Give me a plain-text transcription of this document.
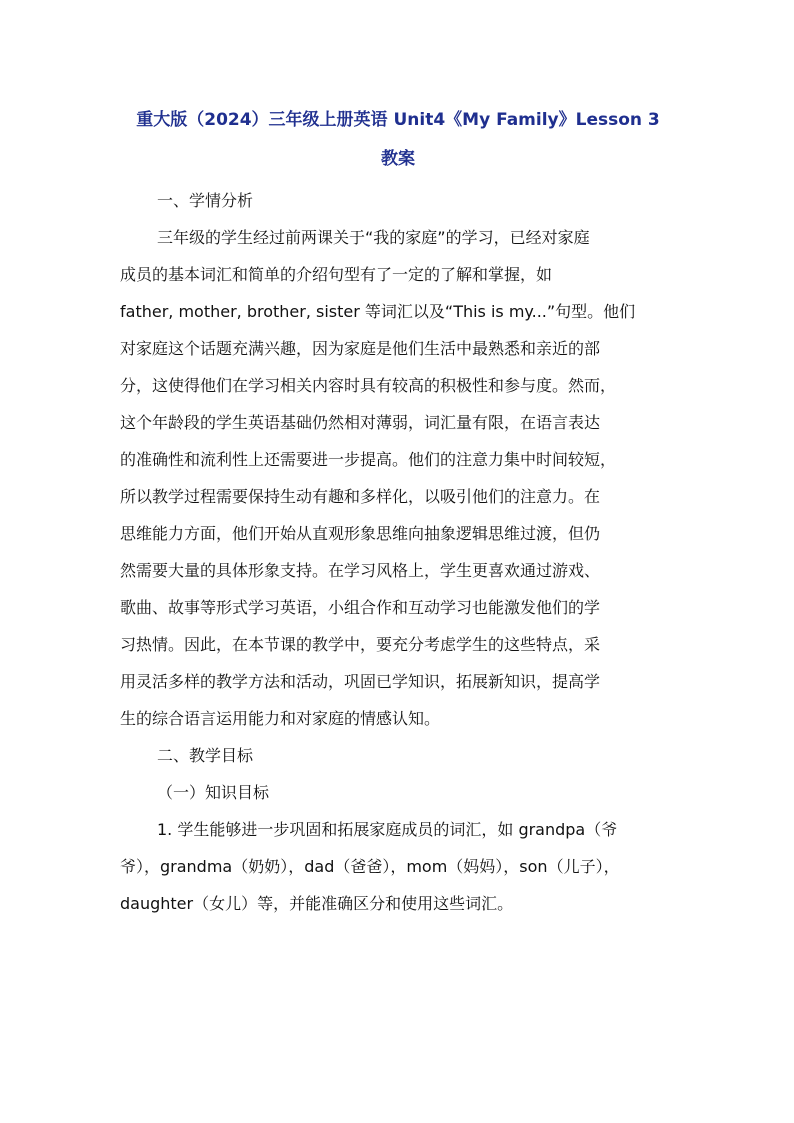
重大版（2024）三年级上册英语 Unit4《My Family》Lesson 3
教案
一、学情分析
三年级的学生经过前两课关于“我的家庭”的学习，已经对家庭
成员的基本词汇和简单的介绍句型有了一定的了解和掌握，如
father, mother, brother, sister 等词汇以及“This is my...”句型。他们
对家庭这个话题充满兴趣，因为家庭是他们生活中最熟悉和亲近的部
分，这使得他们在学习相关内容时具有较高的积极性和参与度。然而，
这个年龄段的学生英语基础仍然相对薄弱，词汇量有限，在语言表达
的准确性和流利性上还需要进一步提高。他们的注意力集中时间较短，
所以教学过程需要保持生动有趣和多样化，以吸引他们的注意力。在
思维能力方面，他们开始从直观形象思维向抽象逻辑思维过渡，但仍
然需要大量的具体形象支持。在学习风格上，学生更喜欢通过游戏、
歌曲、故事等形式学习英语，小组合作和互动学习也能激发他们的学
习热情。因此，在本节课的教学中，要充分考虑学生的这些特点，采
用灵活多样的教学方法和活动，巩固已学知识，拓展新知识，提高学
生的综合语言运用能力和对家庭的情感认知。
二、教学目标
（一）知识目标
1. 学生能够进一步巩固和拓展家庭成员的词汇，如 grandpa（爷
爷），grandma（奶奶），dad（爸爸），mom（妈妈），son（儿子），
daughter（女儿）等，并能准确区分和使用这些词汇。
